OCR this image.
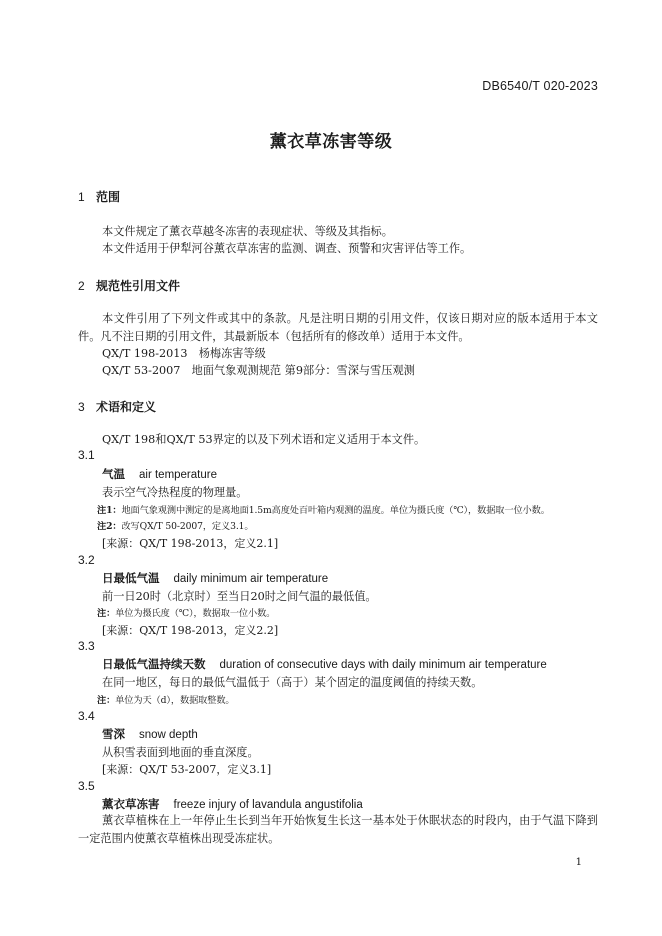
DB6540/T 020-2023
薰衣草冻害等级
1 范围
本文件规定了薰衣草越冬冻害的表现症状、等级及其指标。
本文件适用于伊犁河谷薰衣草冻害的监测、调查、预警和灾害评估等工作。
2 规范性引用文件
本文件引用了下列文件或其中的条款。凡是注明日期的引用文件，仅该日期对应的版本适用于本文件。凡不注日期的引用文件，其最新版本（包括所有的修改单）适用于本文件。
QX/T 198-2013　杨梅冻害等级
QX/T 53-2007　地面气象观测规范 第9部分：雪深与雪压观测
3 术语和定义
QX/T 198和QX/T 53界定的以及下列术语和定义适用于本文件。
3.1
气温 air temperature
表示空气冷热程度的物理量。
注1：地面气象观测中测定的是离地面1.5m高度处百叶箱内观测的温度。单位为摄氏度（℃），数据取一位小数。
注2：改写QX/T 50-2007，定义3.1。
[来源：QX/T 198-2013，定义2.1]
3.2
日最低气温 daily minimum air temperature
前一日20时（北京时）至当日20时之间气温的最低值。
注：单位为摄氏度（℃），数据取一位小数。
[来源：QX/T 198-2013，定义2.2]
3.3
日最低气温持续天数 duration of consecutive days with daily minimum air temperature
在同一地区，每日的最低气温低于（高于）某个固定的温度阈值的持续天数。
注：单位为天（d），数据取整数。
3.4
雪深 snow depth
从积雪表面到地面的垂直深度。
[来源：QX/T 53-2007，定义3.1]
3.5
薰衣草冻害 freeze injury of lavandula angustifolia
薰衣草植株在上一年停止生长到当年开始恢复生长这一基本处于休眠状态的时段内，由于气温下降到一定范围内使薰衣草植株出现受冻症状。
1
